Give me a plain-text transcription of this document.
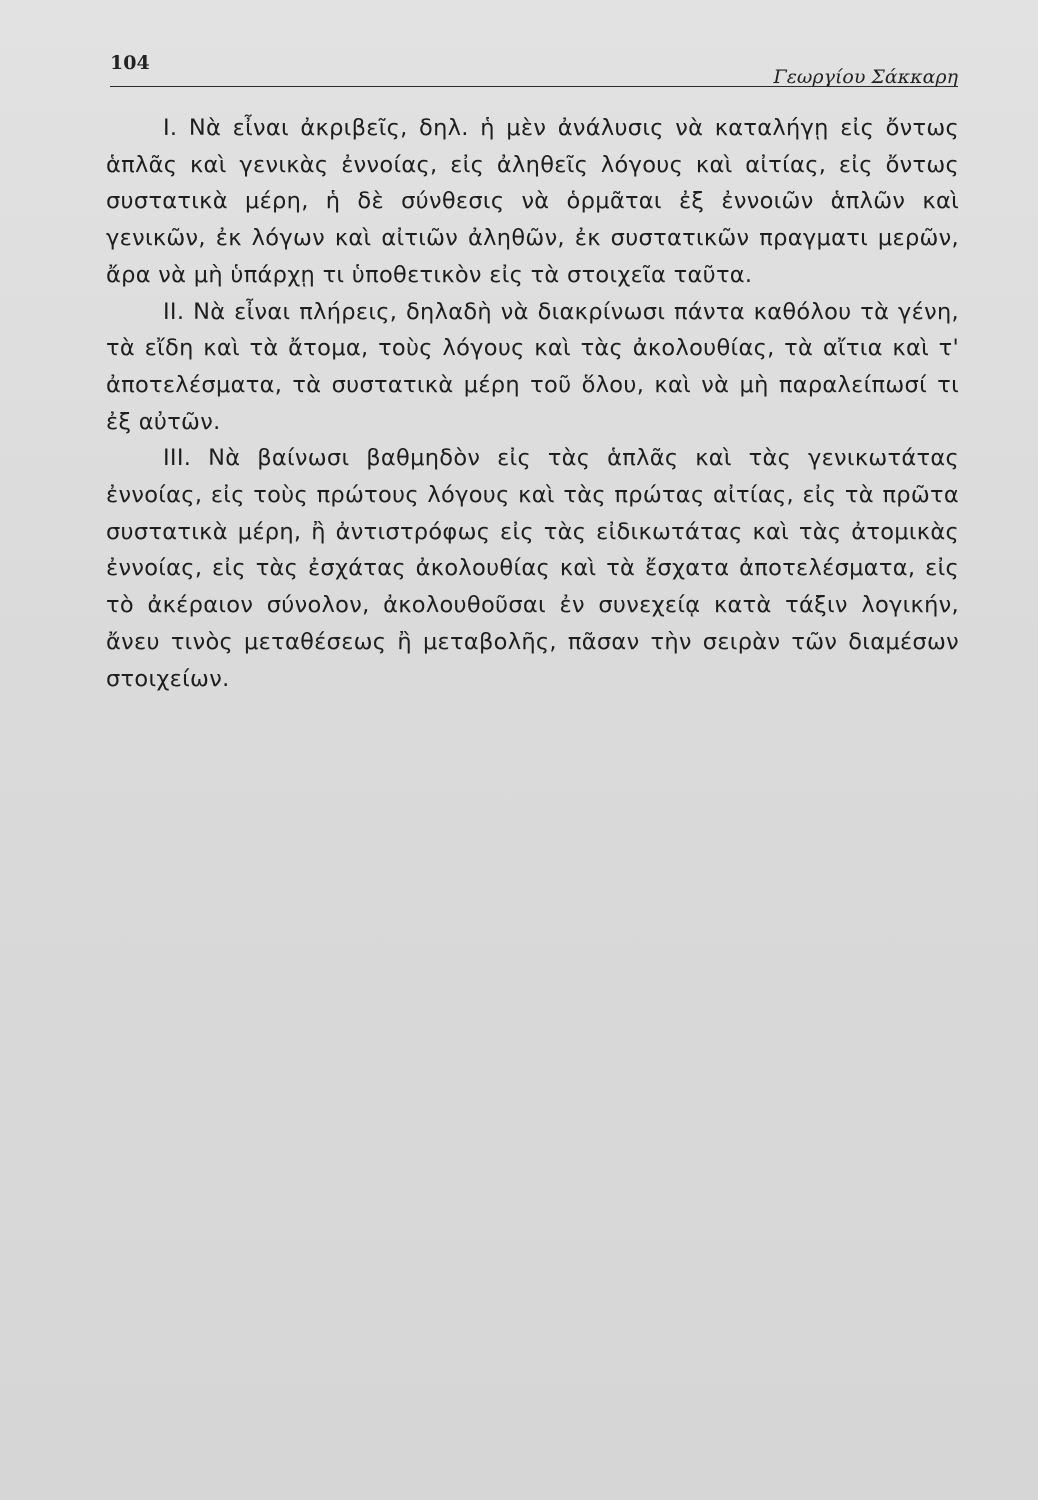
104
Γεωργίου Σάκκαρη

I. Νὰ εἶναι ἀκριβεῖς, δηλ. ἡ μὲν ἀνάλυσις νὰ καταλήγῃ εἰς ὄντως ἁπλᾶς καὶ γενικὰς ἐννοίας, εἰς ἀληθεῖς λόγους καὶ αἰτίας, εἰς ὄντως συστατικὰ μέρη, ἡ δὲ σύνθεσις νὰ ὁρμᾶται ἐξ ἐννοιῶν ἁπλῶν καὶ γενικῶν, ἐκ λόγων καὶ αἰτιῶν ἀληθῶν, ἐκ συστατικῶν πραγματι μερῶν, ἄρα νὰ μὴ ὑπάρχῃ τι ὑποθετικὸν εἰς τὰ στοιχεῖα ταῦτα.

II. Νὰ εἶναι πλήρεις, δηλαδὴ νὰ διακρίνωσι πάντα καθόλου τὰ γένη, τὰ εἴδη καὶ τὰ ἄτομα, τοὺς λόγους καὶ τὰς ἀκολουθίας, τὰ αἴτια καὶ τ' ἀποτελέσματα, τὰ συστατικὰ μέρη τοῦ ὅλου, καὶ νὰ μὴ παραλείπωσί τι ἐξ αὐτῶν.

III. Νὰ βαίνωσι βαθμηδὸν εἰς τὰς ἁπλᾶς καὶ τὰς γενικωτάτας ἐννοίας, εἰς τοὺς πρώτους λόγους καὶ τὰς πρώτας αἰτίας, εἰς τὰ πρῶτα συστατικὰ μέρη, ἢ ἀντιστρόφως εἰς τὰς εἰδικωτάτας καὶ τὰς ἀτομικὰς ἐννοίας, εἰς τὰς ἐσχάτας ἀκολουθίας καὶ τὰ ἔσχατα ἀποτελέσματα, εἰς τὸ ἀκέραιον σύνολον, ἀκολουθοῦσαι ἐν συνεχείᾳ κατὰ τάξιν λογικήν, ἄνευ τινὸς μεταθέσεως ἢ μεταβολῆς, πᾶσαν τὴν σειρὰν τῶν διαμέσων στοιχείων.
